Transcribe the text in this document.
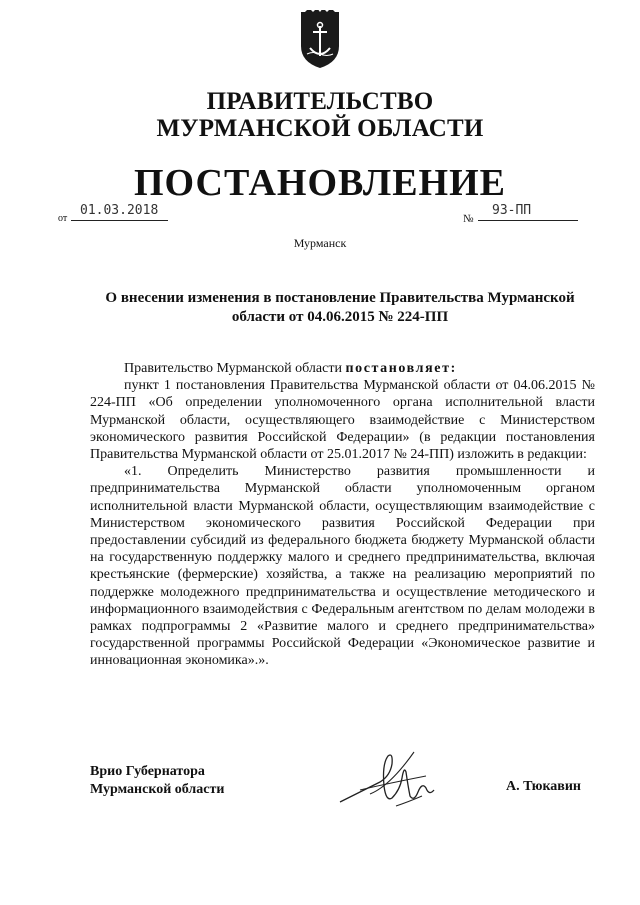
ПРАВИТЕЛЬСТВО
МУРМАНСКОЙ ОБЛАСТИ
ПОСТАНОВЛЕНИЕ
от
01.03.2018
№
93-ПП
Мурманск
О внесении изменения в постановление Правительства Мурманской области от 04.06.2015 № 224-ПП

Правительство Мурманской области постановляет:

пункт 1 постановления Правительства Мурманской области от 04.06.2015 № 224-ПП «Об определении уполномоченного органа исполнительной власти Мурманской области, осуществляющего взаимодействие с Министерством экономического развития Российской Федерации» (в редакции постановления Правительства Мурманской области от 25.01.2017 № 24-ПП) изложить в редакции:

«1. Определить Министерство развития промышленности и предпринимательства Мурманской области уполномоченным органом исполнительной власти Мурманской области, осуществляющим взаимодействие с Министерством экономического развития Российской Федерации при предоставлении субсидий из федерального бюджета бюджету Мурманской области на государственную поддержку малого и среднего предпринимательства, включая крестьянские (фермерские) хозяйства, а также на реализацию мероприятий по поддержке молодежного предпринимательства и осуществление методического и информационного взаимодействия с Федеральным агентством по делам молодежи в рамках подпрограммы 2 «Развитие малого и среднего предпринимательства» государственной программы Российской Федерации «Экономическое развитие и инновационная экономика».».

Врио Губернатора
Мурманской области	А. Тюкавин
